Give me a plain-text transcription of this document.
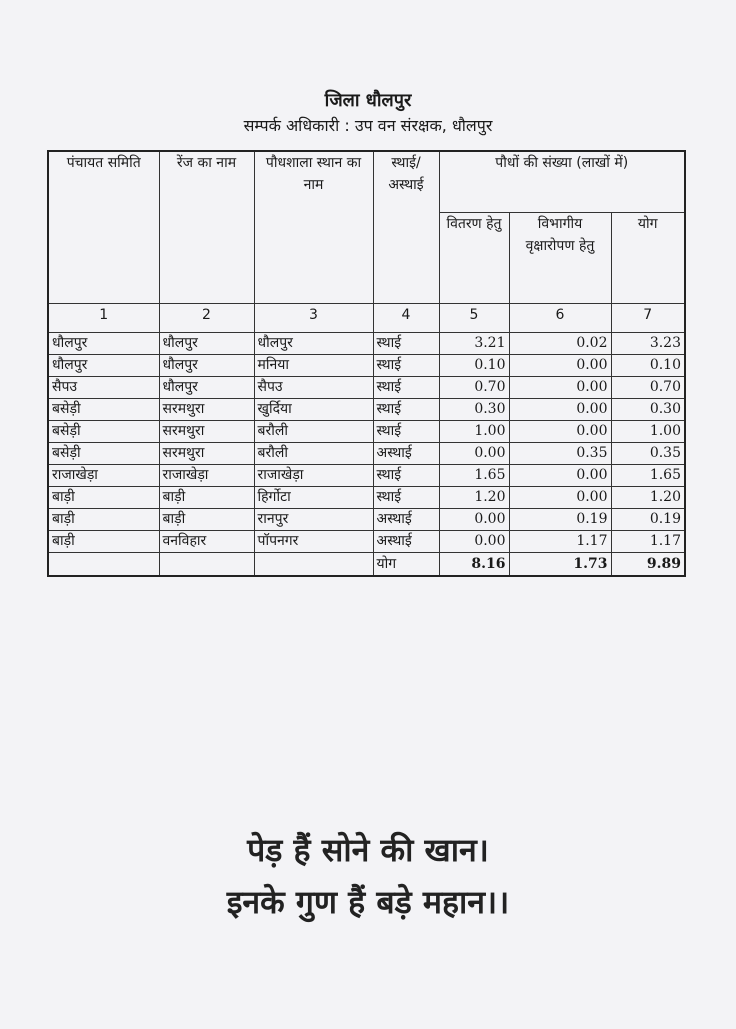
जिला धौलपुर
सम्पर्क अधिकारी : उप वन संरक्षक, धौलपुर
पंचायत समिति	रेंज का नाम	पौधशाला स्थान का नाम	स्थाई/ अस्थाई	पौधों की संख्या (लाखों में)		
				वितरण हेतु	विभागीय वृक्षारोपण हेतु	योग
1	2	3	4	5	6	7
धौलपुर	धौलपुर	धौलपुर	स्थाई	3.21	0.02	3.23
धौलपुर	धौलपुर	मनिया	स्थाई	0.10	0.00	0.10
सैपउ	धौलपुर	सैपउ	स्थाई	0.70	0.00	0.70
बसेड़ी	सरमथुरा	खुर्दिया	स्थाई	0.30	0.00	0.30
बसेड़ी	सरमथुरा	बरौली	स्थाई	1.00	0.00	1.00
बसेड़ी	सरमथुरा	बरौली	अस्थाई	0.00	0.35	0.35
राजाखेड़ा	राजाखेड़ा	राजाखेड़ा	स्थाई	1.65	0.00	1.65
बाड़ी	बाड़ी	हिर्गोटा	स्थाई	1.20	0.00	1.20
बाड़ी	बाड़ी	रानपुर	अस्थाई	0.00	0.19	0.19
बाड़ी	वनविहार	पॉपनगर	अस्थाई	0.00	1.17	1.17
			योग	8.16	1.73	9.89
पेड़ हैं सोने की खान।
इनके गुण हैं बड़े महान।।
